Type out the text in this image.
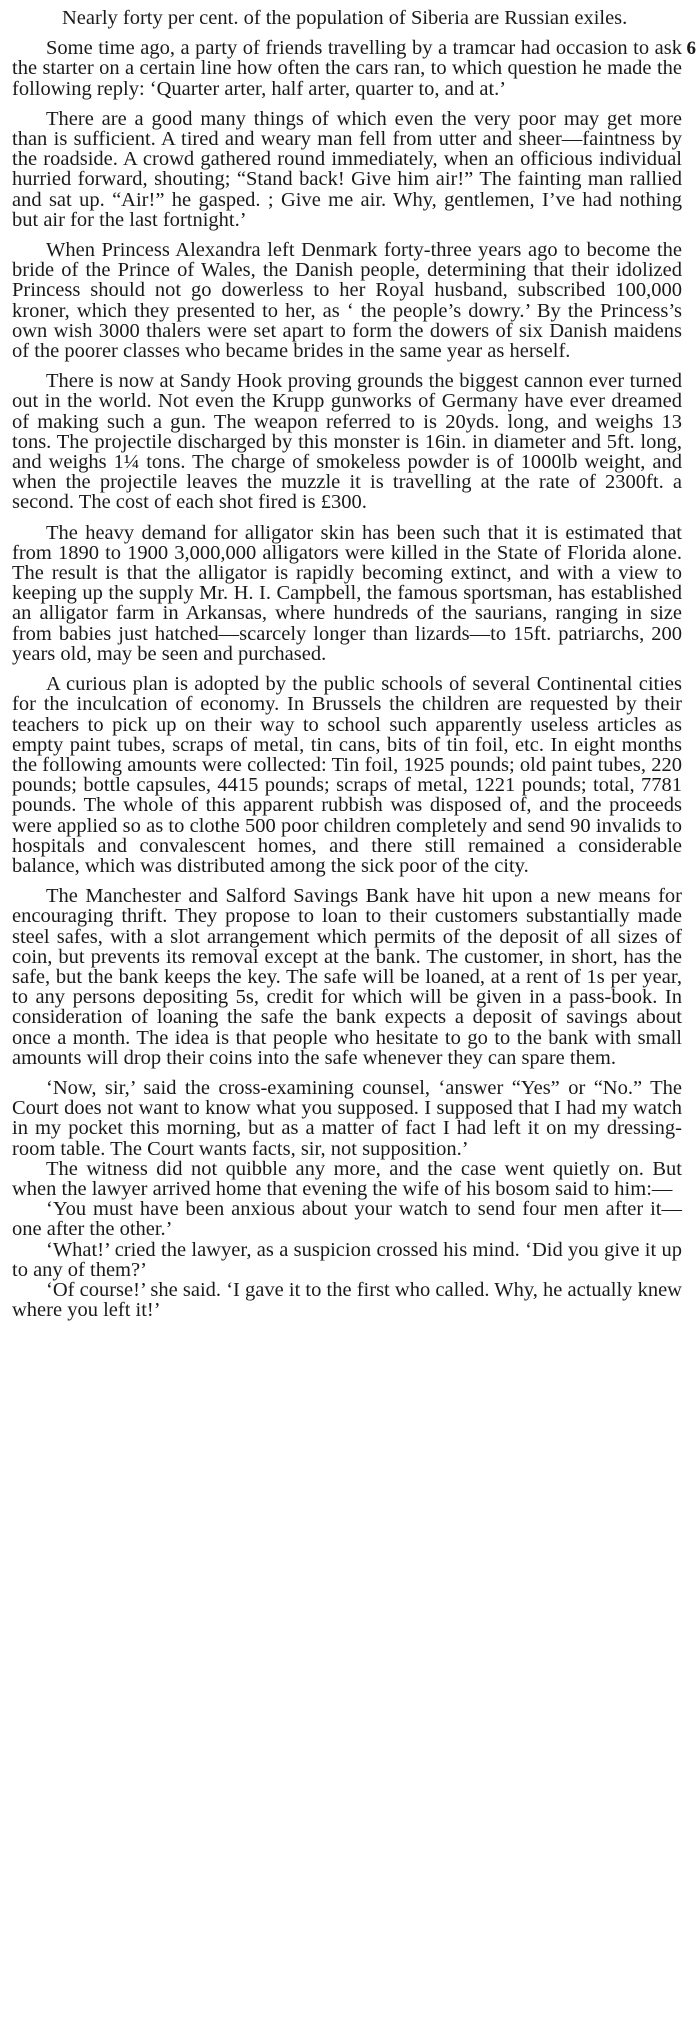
6

Nearly forty per cent. of the population of Siberia are Russian exiles.

Some time ago, a party of friends travelling by a tramcar had occasion to ask the starter on a certain line how often the cars ran, to which question he made the following reply: ‘Quarter arter, half arter, quarter to, and at.’

There are a good many things of which even the very poor may get more than is sufficient. A tired and weary man fell from utter and sheer—faintness by the roadside. A crowd gathered round immediately, when an officious individual hurried forward, shouting; “Stand back! Give him air!” The fainting man rallied and sat up. “Air!” he gasped. ; Give me air. Why, gentlemen, I’ve had nothing but air for the last fortnight.’

When Princess Alexandra left Denmark forty-three years ago to become the bride of the Prince of Wales, the Danish people, determining that their idolized Princess should not go dowerless to her Royal husband, subscribed 100,000 kroner, which they presented to her, as ‘ the people’s dowry.’ By the Princess’s own wish 3000 thalers were set apart to form the dowers of six Danish maidens of the poorer classes who became brides in the same year as herself.

There is now at Sandy Hook proving grounds the biggest cannon ever turned out in the world. Not even the Krupp gunworks of Germany have ever dreamed of making such a gun. The weapon referred to is 20yds. long, and weighs 13 tons. The projectile discharged by this monster is 16in. in diameter and 5ft. long, and weighs 1¼ tons. The charge of smokeless powder is of 1000lb weight, and when the projectile leaves the muzzle it is travelling at the rate of 2300ft. a second. The cost of each shot fired is £300.

The heavy demand for alligator skin has been such that it is estimated that from 1890 to 1900 3,000,000 alligators were killed in the State of Florida alone. The result is that the alligator is rapidly becoming extinct, and with a view to keeping up the supply Mr. H. I. Campbell, the famous sportsman, has established an alligator farm in Arkansas, where hundreds of the saurians, ranging in size from babies just hatched—scarcely longer than lizards—to 15ft. patriarchs, 200 years old, may be seen and purchased.

A curious plan is adopted by the public schools of several Continental cities for the inculcation of economy. In Brussels the children are requested by their teachers to pick up on their way to school such apparently useless articles as empty paint tubes, scraps of metal, tin cans, bits of tin foil, etc. In eight months the following amounts were collected: Tin foil, 1925 pounds; old paint tubes, 220 pounds; bottle capsules, 4415 pounds; scraps of metal, 1221 pounds; total, 7781 pounds. The whole of this apparent rubbish was disposed of, and the proceeds were applied so as to clothe 500 poor children completely and send 90 invalids to hospitals and convalescent homes, and there still remained a considerable balance, which was distributed among the sick poor of the city.

The Manchester and Salford Savings Bank have hit upon a new means for encouraging thrift. They propose to loan to their customers substantially made steel safes, with a slot arrangement which permits of the deposit of all sizes of coin, but prevents its removal except at the bank. The customer, in short, has the safe, but the bank keeps the key. The safe will be loaned, at a rent of 1s per year, to any persons depositing 5s, credit for which will be given in a pass-book. In consideration of loaning the safe the bank expects a deposit of savings about once a month. The idea is that people who hesitate to go to the bank with small amounts will drop their coins into the safe whenever they can spare them.

‘Now, sir,’ said the cross-examining counsel, ‘answer “Yes” or “No.” The Court does not want to know what you supposed. I supposed that I had my watch in my pocket this morning, but as a matter of fact I had left it on my dressing-room table. The Court wants facts, sir, not supposition.’

The witness did not quibble any more, and the case went quietly on. But when the lawyer arrived home that evening the wife of his bosom said to him:—

‘You must have been anxious about your watch to send four men after it—one after the other.’

‘What!’ cried the lawyer, as a suspicion crossed his mind. ‘Did you give it up to any of them?’

‘Of course!’ she said. ‘I gave it to the first who called. Why, he actually knew where you left it!’
